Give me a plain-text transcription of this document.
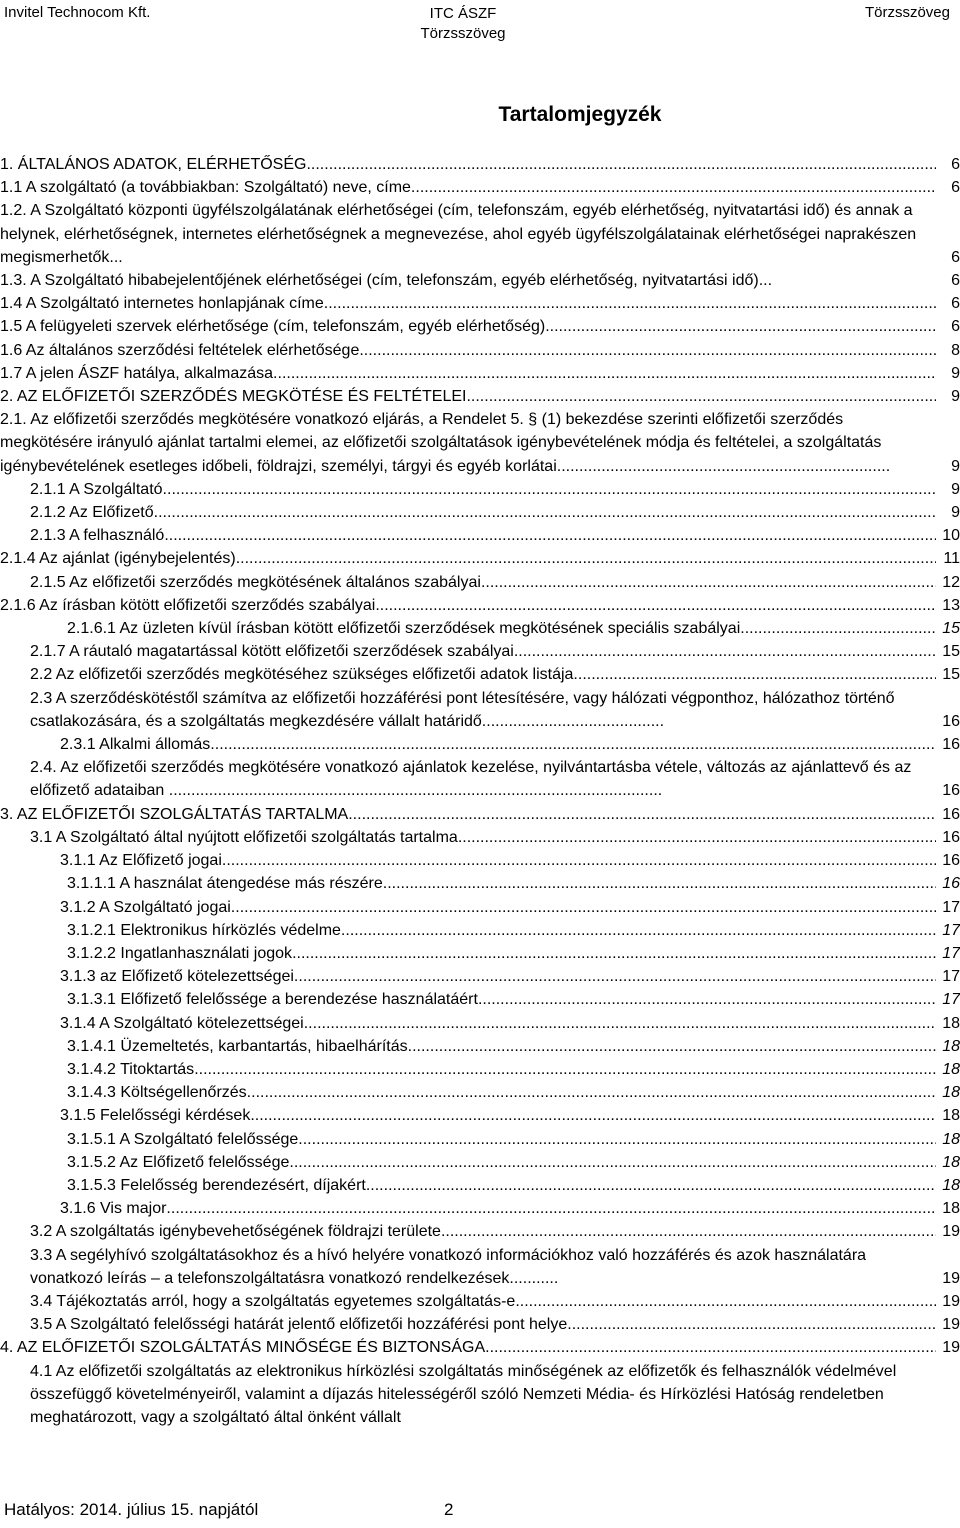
Invitel Technocom Kft.	ITC ÁSZF
Törzsszöveg
Törzsszöveg
Tartalomjegyzék
1. ÁLTALÁNOS ADATOK, ELÉRHETŐSÉG .....	6
1.1 A szolgáltató (a továbbiakban: Szolgáltató) neve, címe .....	6
1.2. A Szolgáltató központi ügyfélszolgálatának elérhetőségei (cím, telefonszám, egyéb elérhetőség, nyitvatartási idő) és annak a helynek, elérhetőségnek, internetes elérhetőségnek a megnevezése, ahol egyéb ügyfélszolgálatainak elérhetőségei naprakészen megismerhetők...	6
1.3. A Szolgáltató hibabejelentőjének elérhetőségei (cím, telefonszám, egyéb elérhetőség, nyitvatartási idő)...	6
1.4 A Szolgáltató internetes honlapjának címe .....	6
1.5 A felügyeleti szervek elérhetősége (cím, telefonszám, egyéb elérhetőség) .....	6
1.6 Az általános szerződési feltételek elérhetősége .....	8
1.7 A jelen ÁSZF hatálya, alkalmazása .....	9
2. AZ ELŐFIZETŐI SZERZŐDÉS MEGKÖTÉSE ÉS FELTÉTELEI .....	9
2.1. Az előfizetői szerződés megkötésére vonatkozó eljárás, a Rendelet 5. § (1) bekezdése szerinti előfizetői szerződés megkötésére irányuló ajánlat tartalmi elemei, az előfizetői szolgáltatások igénybevételének módja és feltételei, a szolgáltatás igénybevételének esetleges időbeli, földrajzi, személyi, tárgyi és egyéb korlátai...........................................................................	9
2.1.1 A Szolgáltató .....	9
2.1.2 Az Előfizető .....	9
2.1.3 A felhasználó .....	10
2.1.4 Az ajánlat (igénybejelentés) .....	11
2.1.5 Az előfizetői szerződés megkötésének általános szabályai .....	12
2.1.6 Az írásban kötött előfizetői szerződés szabályai .....	13
2.1.6.1 Az üzleten kívül írásban kötött előfizetői szerződések megkötésének speciális szabályai .....	15
2.1.7 A ráutaló magatartással kötött előfizetői szerződések szabályai .....	15
2.2 Az előfizetői szerződés megkötéséhez szükséges előfizetői adatok listája .....	15
2.3 A szerződéskötéstől számítva az előfizetői hozzáférési pont létesítésére, vagy hálózati végponthoz, hálózathoz történő csatlakozására, és a szolgáltatás megkezdésére vállalt határidő.........................................	16
2.3.1 Alkalmi állomás .....	16
2.4. Az előfizetői szerződés megkötésére vonatkozó ajánlatok kezelése, nyilvántartásba vétele, változás az ajánlattevő és az előfizető adataiban ...............................................................................................................	16
3. AZ ELŐFIZETŐI SZOLGÁLTATÁS TARTALMA .....	16
3.1 A Szolgáltató által nyújtott előfizetői szolgáltatás tartalma .....	16
3.1.1 Az Előfizető jogai .....	16
3.1.1.1 A használat átengedése más részére .....	16
3.1.2 A Szolgáltató jogai .....	17
3.1.2.1 Elektronikus hírközlés védelme .....	17
3.1.2.2 Ingatlanhasználati jogok .....	17
3.1.3 az Előfizető kötelezettségei .....	17
3.1.3.1 Előfizető felelőssége a berendezése használatáért .....	17
3.1.4 A Szolgáltató kötelezettségei .....	18
3.1.4.1 Üzemeltetés, karbantartás, hibaelhárítás .....	18
3.1.4.2 Titoktartás .....	18
3.1.4.3 Költségellenőrzés .....	18
3.1.5 Felelősségi kérdések .....	18
3.1.5.1 A Szolgáltató felelőssége .....	18
3.1.5.2 Az Előfizető felelőssége .....	18
3.1.5.3 Felelősség berendezésért, díjakért .....	18
3.1.6 Vis major .....	18
3.2 A szolgáltatás igénybevehetőségének földrajzi területe .....	19
3.3 A segélyhívó szolgáltatásokhoz és a hívó helyére vonatkozó információkhoz való hozzáférés és azok használatára vonatkozó leírás – a telefonszolgáltatásra vonatkozó rendelkezések...........	19
3.4 Tájékoztatás arról, hogy a szolgáltatás egyetemes szolgáltatás-e .....	19
3.5 A Szolgáltató felelősségi határát jelentő előfizetői hozzáférési pont helye .....	19
4. AZ ELŐFIZETŐI SZOLGÁLTATÁS MINŐSÉGE ÉS BIZTONSÁGA .....	19
4.1 Az előfizetői szolgáltatás az elektronikus hírközlési szolgáltatás minőségének az előfizetők és felhasználók védelmével összefüggő követelményeiről, valamint a díjazás hitelességéről szóló Nemzeti Média- és Hírközlési Hatóság rendeletben meghatározott, vagy a szolgáltató által önként vállalt
Hatályos: 2014. július 15. napjától	2
